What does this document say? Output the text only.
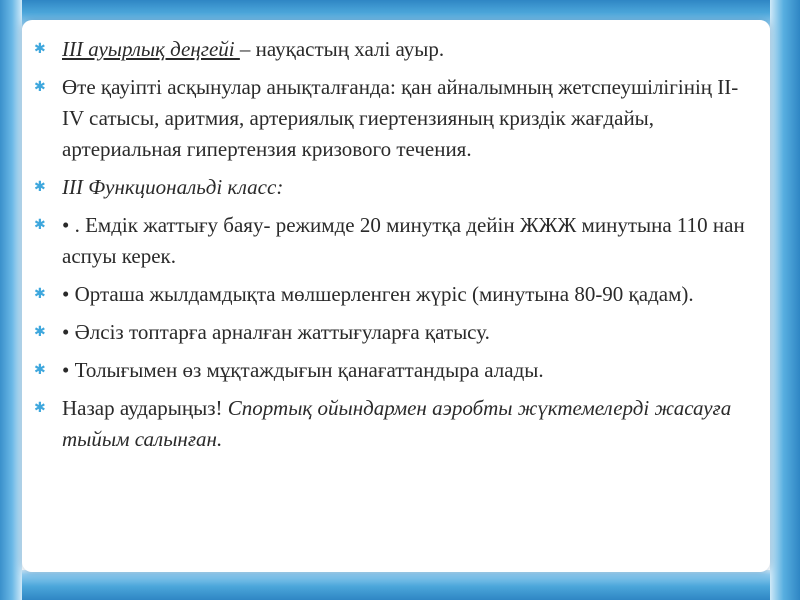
✱ III ауырлық деңгейі – науқастың халі ауыр.
✱ Өте қауіпті асқынулар анықталғанда: қан айналымның жетспеушілігінің II-IV сатысы, аритмия, артериялық гиертензияның криздік жағдайы, артериальная гипертензия кризового течения.
✱ III Функциональді класс:
✱ • . Емдік жаттығу баяу- режимде 20 минутқа дейін ЖЖЖ минутына 110 нан аспуы керек.
✱ • Орташа жылдамдықта мөлшерленген жүріс (минутына 80-90 қадам).
✱ • Әлсіз топтарға арналған жаттығуларға қатысу.
✱ • Толығымен өз мұқтаждығын қанағаттандыра алады.
✱ Назар аударыңыз! Спортық ойындармен аэробты жүктемелерді жасауға тыйым салынған.
